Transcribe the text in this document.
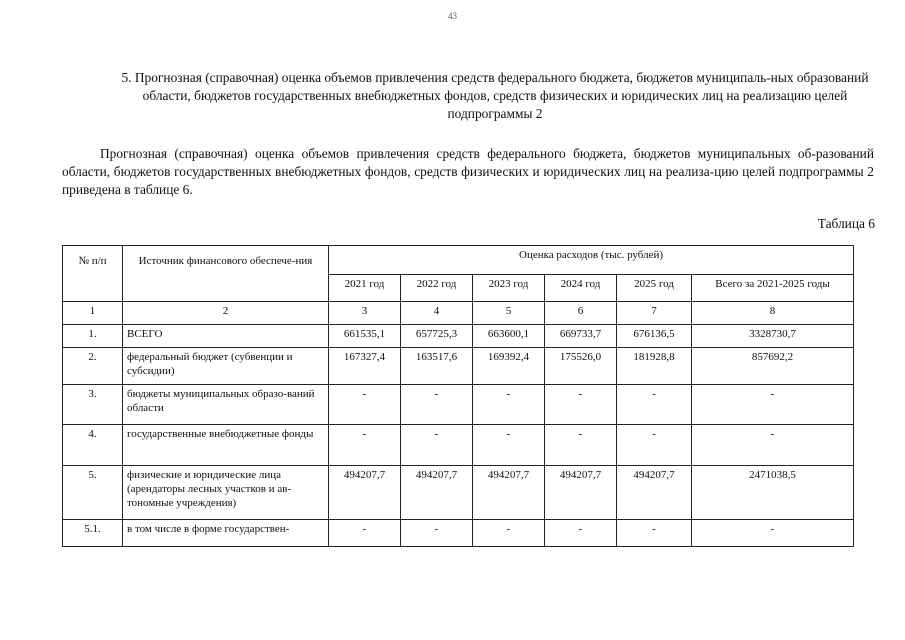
43
5. Прогнозная (справочная) оценка объемов привлечения средств федерального бюджета, бюджетов муниципаль-ных образований области, бюджетов государственных внебюджетных фондов, средств физических и юридических лиц на реализацию целей подпрограммы 2
Прогнозная (справочная) оценка объемов привлечения средств федерального бюджета, бюджетов муниципальных об-разований области, бюджетов государственных внебюджетных фондов, средств физических и юридических лиц на реализа-цию целей подпрограммы 2 приведена в таблице 6.
Таблица 6
№ п/п	Источник финансового обеспече-ния	Оценка расходов (тыс. рублей)					
		2021 год	2022 год	2023 год	2024 год	2025 год	Всего за 2021-2025 годы
1	2	3	4	5	6	7	8
1.	ВСЕГО	661535,1	657725,3	663600,1	669733,7	676136,5	3328730,7
2.	федеральный бюджет (субвенции и субсидии)	167327,4	163517,6	169392,4	175526,0	181928,8	857692,2
3.	бюджеты муниципальных образо-ваний области	-	-	-	-	-	-
4.	государственные внебюджетные фонды	-	-	-	-	-	-
5.	физические и юридические лица (арендаторы лесных участков и ав-тономные учреждения)	494207,7	494207,7	494207,7	494207,7	494207,7	2471038,5
5.1.	в том числе в форме государствен-	-	-	-	-	-	-
